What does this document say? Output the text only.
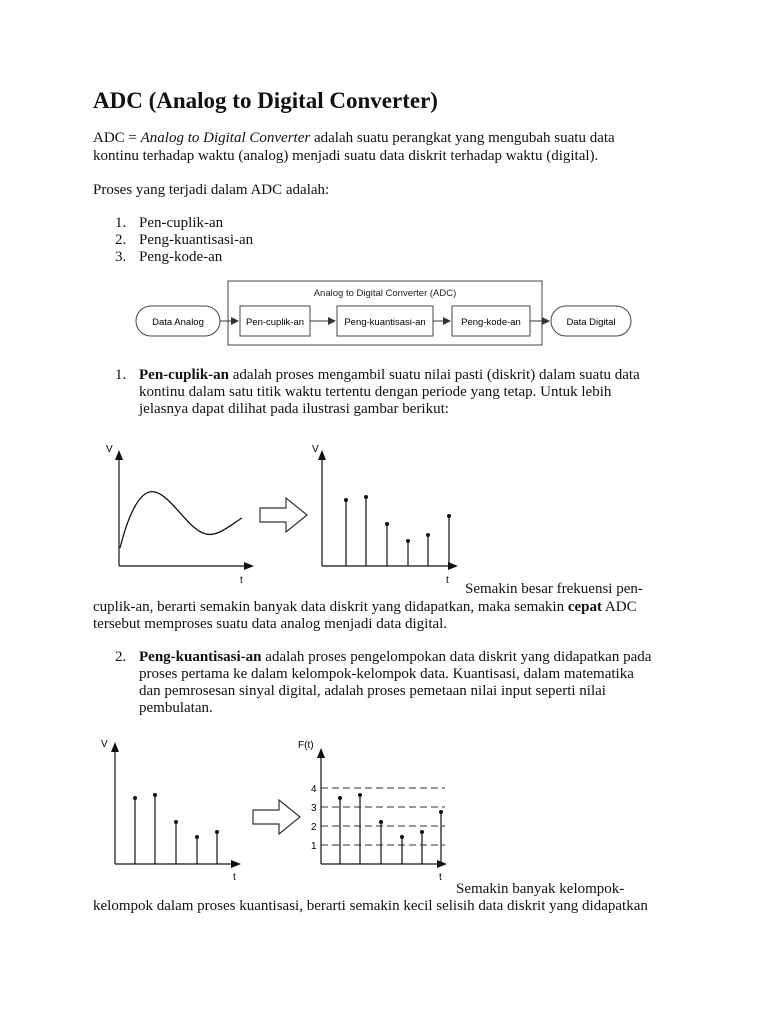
ADC (Analog to Digital Converter)
ADC = Analog to Digital Converter adalah suatu perangkat yang mengubah suatu data
kontinu terhadap waktu (analog) menjadi suatu data diskrit terhadap waktu (digital).
Proses yang terjadi dalam ADC adalah:
1. Pen-cuplik-an
2. Peng-kuantisasi-an
3. Peng-kode-an
Analog to Digital Converter (ADC)
Data Analog	Pen-cuplik-an	Peng-kuantisasi-an	Peng-kode-an	Data Digital
1. Pen-cuplik-an adalah proses mengambil suatu nilai pasti (diskrit) dalam suatu data
kontinu dalam satu titik waktu tertentu dengan periode yang tetap. Untuk lebih
jelasnya dapat dilihat pada ilustrasi gambar berikut:
V
t
V
t
Semakin besar frekuensi pen-
cuplik-an, berarti semakin banyak data diskrit yang didapatkan, maka semakin cepat ADC
tersebut memproses suatu data analog menjadi data digital.
2. Peng-kuantisasi-an adalah proses pengelompokan data diskrit yang didapatkan pada
proses pertama ke dalam kelompok-kelompok data. Kuantisasi, dalam matematika
dan pemrosesan sinyal digital, adalah proses pemetaan nilai input seperti nilai
pembulatan.
V
t
F(t)
t
4
3
2
1
Semakin banyak kelompok-
kelompok dalam proses kuantisasi, berarti semakin kecil selisih data diskrit yang didapatkan
